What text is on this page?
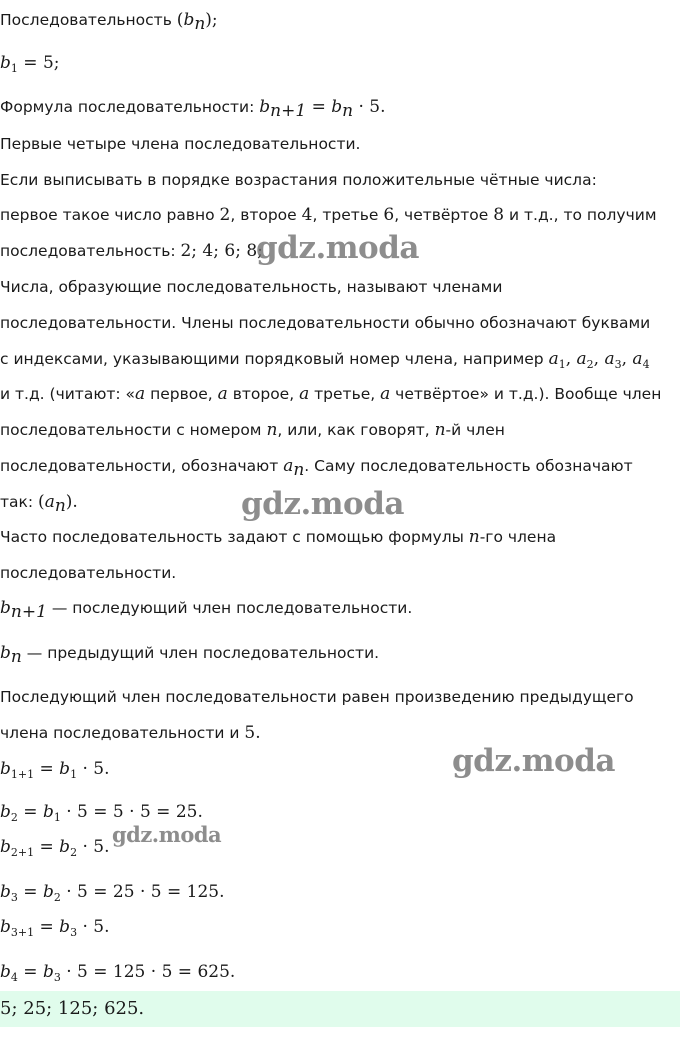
Последовательность $(b_n)$;
$b_1 = 5$;
Формула последовательности: $b_{n+1} = b_n \cdot 5$.
Первые четыре члена последовательности.
Если выписывать в порядке возрастания положительные чётные числа:
первое такое число равно 2, второе 4, третье 6, четвёртое 8 и т.д., то получим
последовательность: 2; 4; 6; 8;
Числа, образующие последовательность, называют членами
последовательности. Члены последовательности обычно обозначают буквами
с индексами, указывающими порядковый номер члена, например $a_1$, $a_2$, $a_3$, $a_4$
и т.д. (читают: «a первое, a второе, a третье, a четвёртое» и т.д.). Вообще член
последовательности с номером n, или, как говорят, n-й член
последовательности, обозначают $a_n$. Саму последовательность обозначают
так: $(a_n)$.
Часто последовательность задают с помощью формулы n-го члена
последовательности.
$b_{n+1}$ — последующий член последовательности.
$b_n$ — предыдущий член последовательности.
Последующий член последовательности равен произведению предыдущего
члена последовательности и 5.
$b_{1+1} = b_1 \cdot 5$.
$b_2 = b_1 \cdot 5 = 5 \cdot 5 = 25$.
$b_{2+1} = b_2 \cdot 5$.
$b_3 = b_2 \cdot 5 = 25 \cdot 5 = 125$.
$b_{3+1} = b_3 \cdot 5$.
$b_4 = b_3 \cdot 5 = 125 \cdot 5 = 625$.
5; 25; 125; 625.
gdz.moda
gdz.moda
gdz.moda
gdz.moda
